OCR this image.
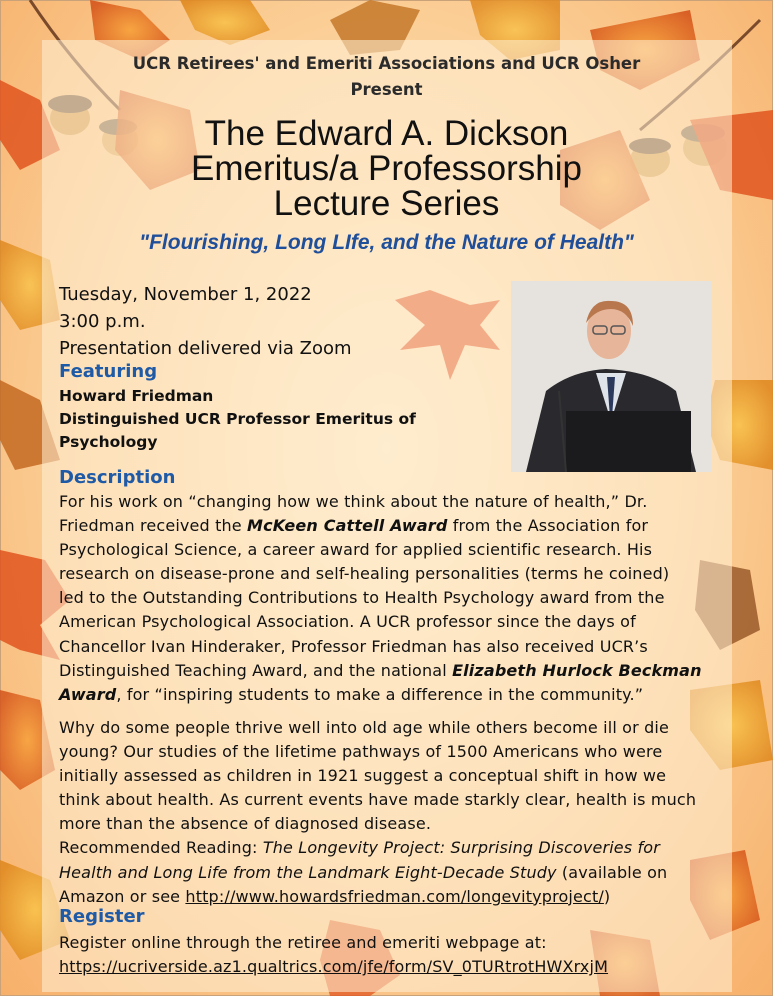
UCR Retirees' and Emeriti Associations and UCR Osher
Present
The Edward A. Dickson
Emeritus/a Professorship
Lecture Series
"Flourishing, Long LIfe, and the Nature of Health"
Tuesday, November 1, 2022
3:00 p.m.
Presentation delivered via Zoom
Featuring
Howard Friedman
Distinguished UCR Professor Emeritus of
Psychology
Description
For his work on “changing how we think about the nature of health,” Dr.
Friedman received the McKeen Cattell Award from the Association for
Psychological Science, a career award for applied scientific research. His
research on disease-prone and self-healing personalities (terms he coined)
led to the Outstanding Contributions to Health Psychology award from the
American Psychological Association. A UCR professor since the days of
Chancellor Ivan Hinderaker, Professor Friedman has also received UCR’s
Distinguished Teaching Award, and the national Elizabeth Hurlock Beckman
Award, for “inspiring students to make a difference in the community.”
Why do some people thrive well into old age while others become ill or die
young? Our studies of the lifetime pathways of 1500 Americans who were
initially assessed as children in 1921 suggest a conceptual shift in how we
think about health. As current events have made starkly clear, health is much
more than the absence of diagnosed disease.
Recommended Reading: The Longevity Project: Surprising Discoveries for
Health and Long Life from the Landmark Eight-Decade Study (available on
Amazon or see http://www.howardsfriedman.com/longevityproject/)
Register
Register online through the retiree and emeriti webpage at:
https://ucriverside.az1.qualtrics.com/jfe/form/SV_0TURtrotHWXrxjM
